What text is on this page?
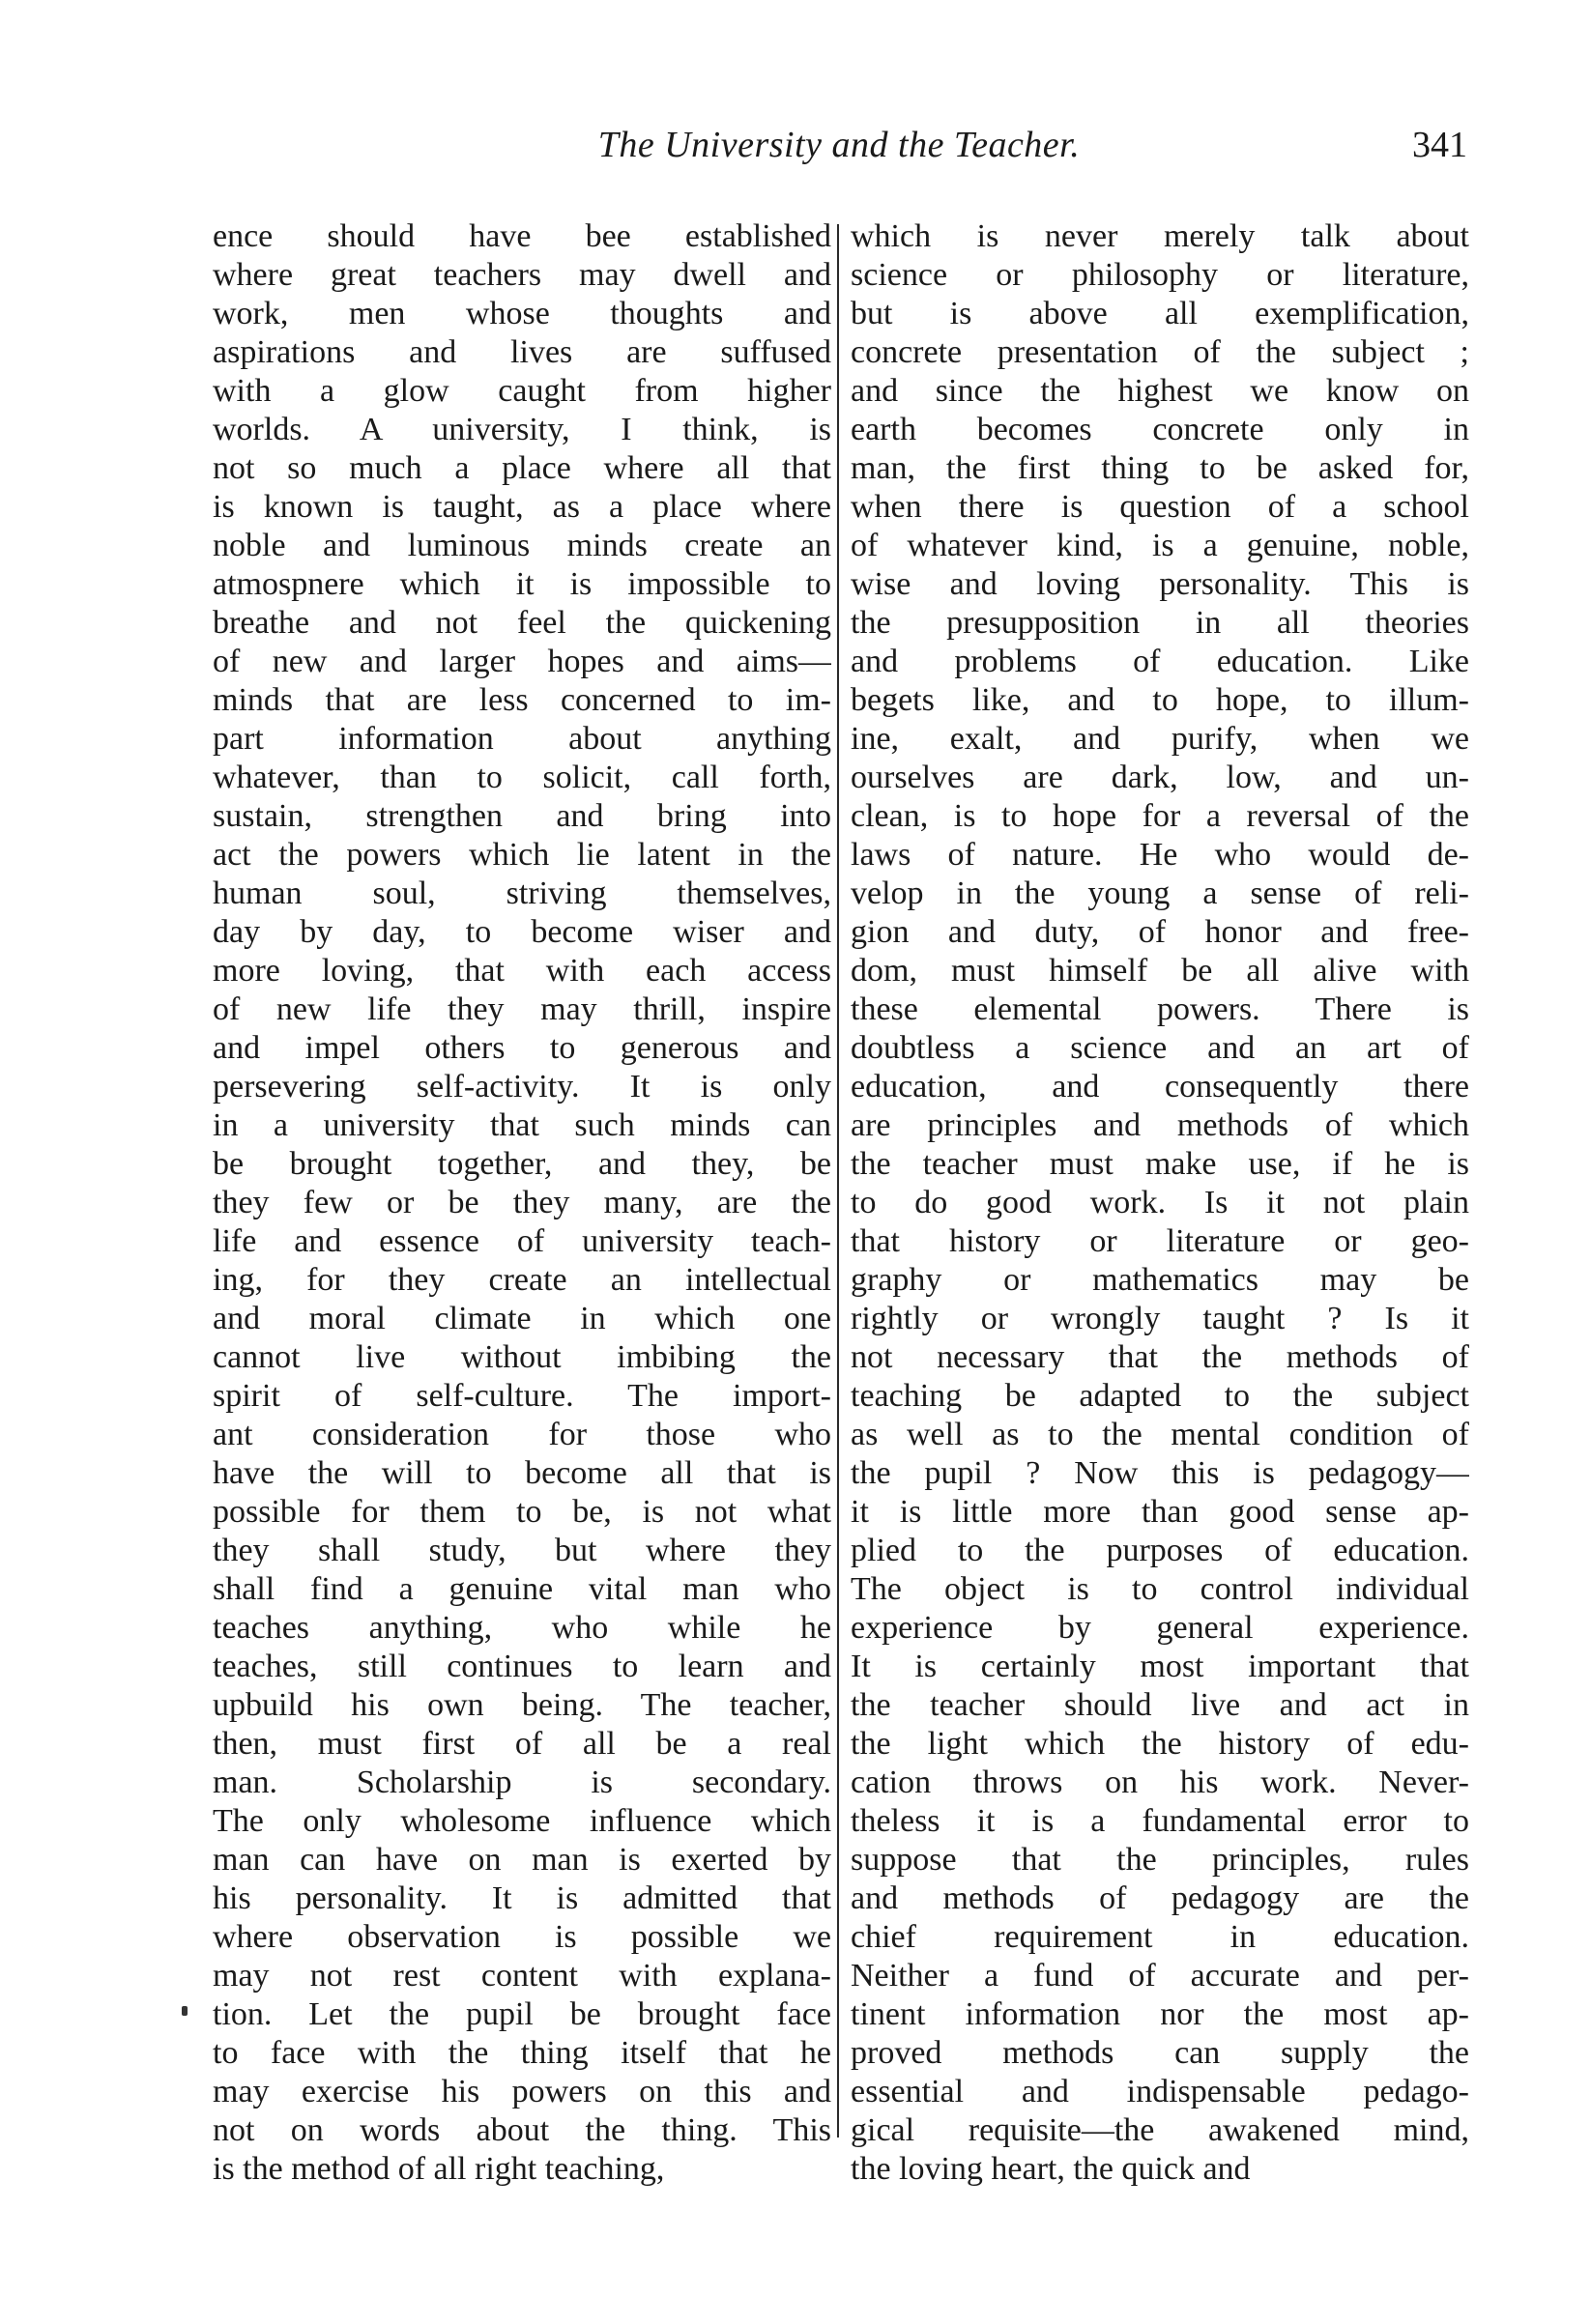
The University and the Teacher.	341
ence should have bee established
where great teachers may dwell and
work, men whose thoughts and
aspirations and lives are suffused
with a glow caught from higher
worlds. A university, I think, is
not so much a place where all that
is known is taught, as a place where
noble and luminous minds create an
atmospnere which it is impossible to
breathe and not feel the quickening
of new and larger hopes and aims—
minds that are less concerned to im-
part information about anything
whatever, than to solicit, call forth,
sustain, strengthen and bring into
act the powers which lie latent in the
human soul, striving themselves,
day by day, to become wiser and
more loving, that with each access
of new life they may thrill, inspire
and impel others to generous and
persevering self-activity. It is only
in a university that such minds can
be brought together, and they, be
they few or be they many, are the
life and essence of university teach-
ing, for they create an intellectual
and moral climate in which one
cannot live without imbibing the
spirit of self-culture. The import-
ant consideration for those who
have the will to become all that is
possible for them to be, is not what
they shall study, but where they
shall find a genuine vital man who
teaches anything, who while he
teaches, still continues to learn and
upbuild his own being. The teacher,
then, must first of all be a real
man. Scholarship is secondary.
The only wholesome influence which
man can have on man is exerted by
his personality. It is admitted that
where observation is possible we
may not rest content with explana-
tion. Let the pupil be brought face
to face with the thing itself that he
may exercise his powers on this and
not on words about the thing. This
is the method of all right teaching,
which is never merely talk about
science or philosophy or literature,
but is above all exemplification,
concrete presentation of the subject ;
and since the highest we know on
earth becomes concrete only in
man, the first thing to be asked for,
when there is question of a school
of whatever kind, is a genuine, noble,
wise and loving personality. This is
the presupposition in all theories
and problems of education. Like
begets like, and to hope, to illum-
ine, exalt, and purify, when we
ourselves are dark, low, and un-
clean, is to hope for a reversal of the
laws of nature. He who would de-
velop in the young a sense of reli-
gion and duty, of honor and free-
dom, must himself be all alive with
these elemental powers. There is
doubtless a science and an art of
education, and consequently there
are principles and methods of which
the teacher must make use, if he is
to do good work. Is it not plain
that history or literature or geo-
graphy or mathematics may be
rightly or wrongly taught ? Is it
not necessary that the methods of
teaching be adapted to the subject
as well as to the mental condition of
the pupil ? Now this is pedagogy—
it is little more than good sense ap-
plied to the purposes of education.
The object is to control individual
experience by general experience.
It is certainly most important that
the teacher should live and act in
the light which the history of edu-
cation throws on his work. Never-
theless it is a fundamental error to
suppose that the principles, rules
and methods of pedagogy are the
chief requirement in education.
Neither a fund of accurate and per-
tinent information nor the most ap-
proved methods can supply the
essential and indispensable pedago-
gical requisite—the awakened mind,
the loving heart, the quick and
